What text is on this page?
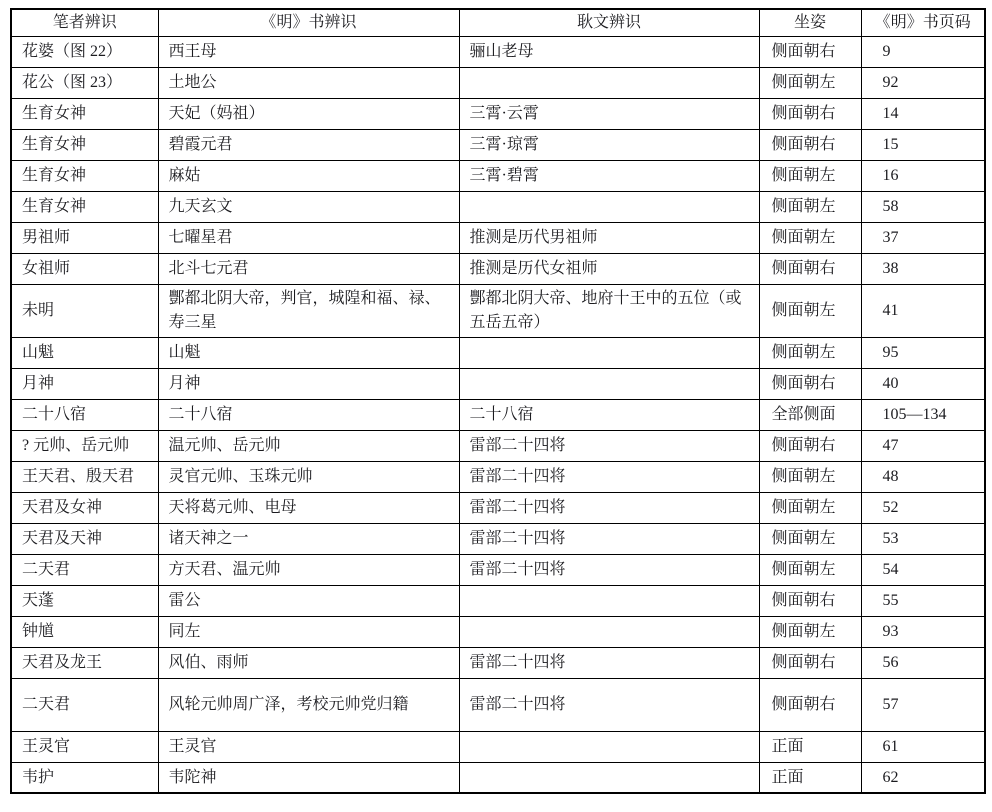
笔者辨识	《明》书辨识	耿文辨识	坐姿	《明》书页码
花婆（图 22）	西王母	骊山老母	侧面朝右	9
花公（图 23）	土地公		侧面朝左	92
生育女神	天妃（妈祖）	三霄·云霄	侧面朝右	14
生育女神	碧霞元君	三霄·琼霄	侧面朝右	15
生育女神	麻姑	三霄·碧霄	侧面朝左	16
生育女神	九天玄文		侧面朝左	58
男祖师	七曜星君	推测是历代男祖师	侧面朝左	37
女祖师	北斗七元君	推测是历代女祖师	侧面朝右	38
未明	酆都北阴大帝，判官，城隍和福、禄、寿三星	酆都北阴大帝、地府十王中的五位（或五岳五帝）	侧面朝左	41
山魁	山魁		侧面朝左	95
月神	月神		侧面朝右	40
二十八宿	二十八宿	二十八宿	全部侧面	105—134
? 元帅、岳元帅	温元帅、岳元帅	雷部二十四将	侧面朝右	47
王天君、殷天君	灵官元帅、玉珠元帅	雷部二十四将	侧面朝左	48
天君及女神	天将葛元帅、电母	雷部二十四将	侧面朝左	52
天君及天神	诸天神之一	雷部二十四将	侧面朝左	53
二天君	方天君、温元帅	雷部二十四将	侧面朝左	54
天蓬	雷公		侧面朝右	55
钟馗	同左		侧面朝左	93
天君及龙王	风伯、雨师	雷部二十四将	侧面朝右	56
二天君	风轮元帅周广泽，考校元帅党归籍	雷部二十四将	侧面朝右	57
王灵官	王灵官		正面	61
韦护	韦陀神		正面	62
